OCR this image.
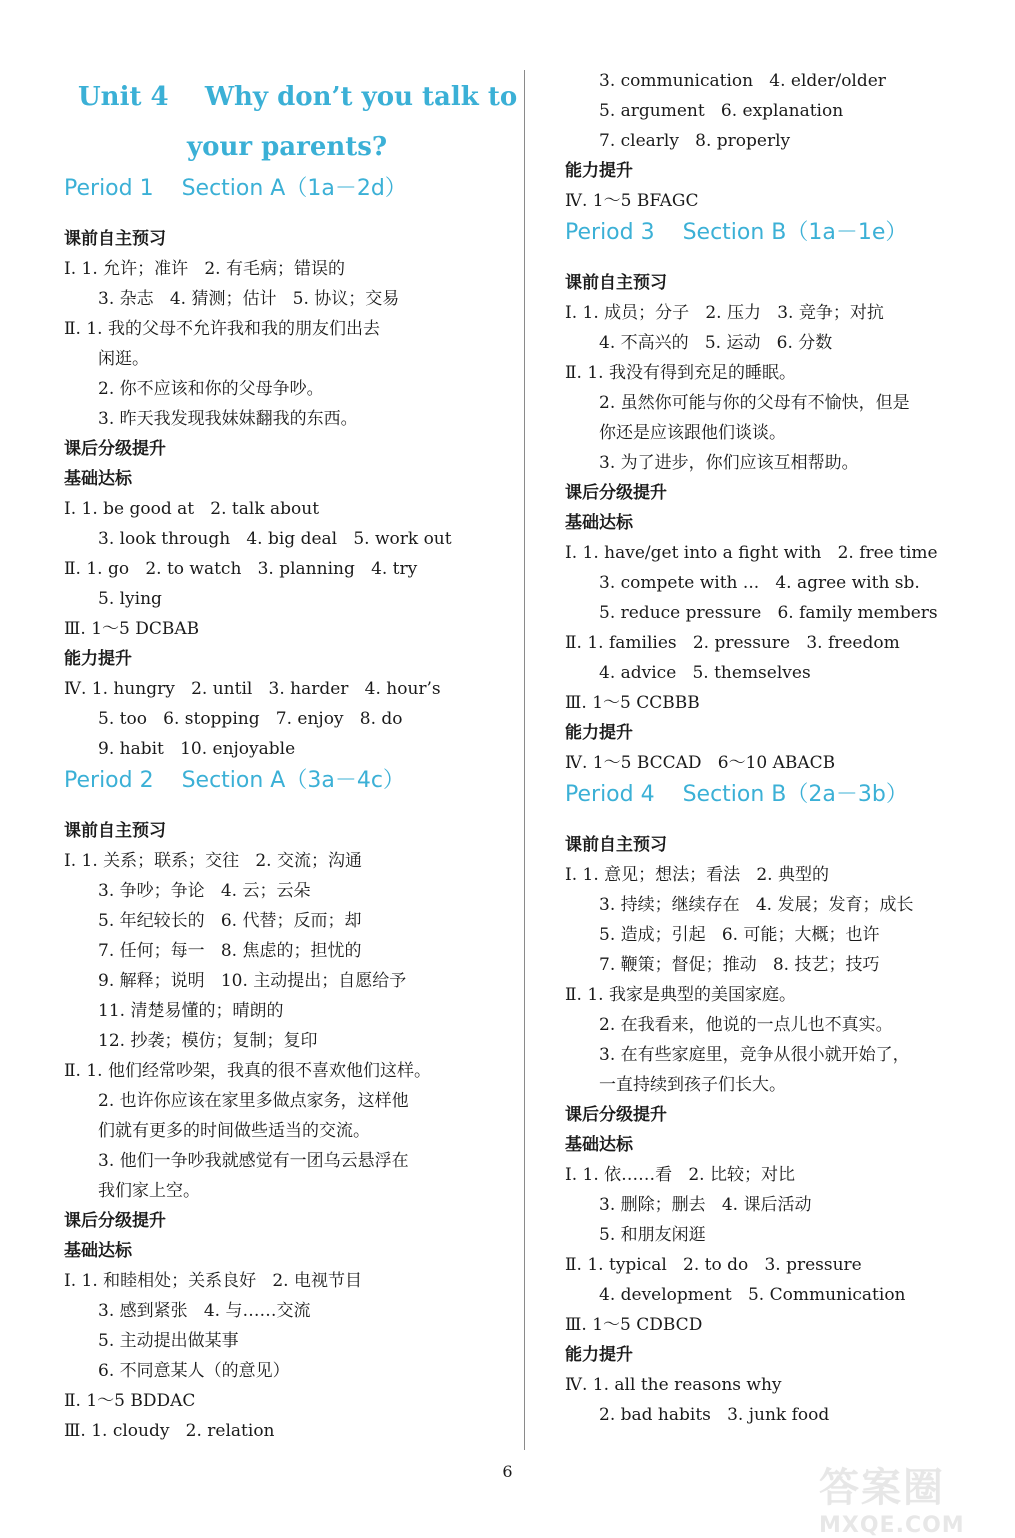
Unit 4    Why don’t you talk to
your parents?
Period 1    Section A（1a－2d）
课前自主预习
Ⅰ. 1. 允许；准许   2. 有毛病；错误的
3. 杂志   4. 猜测；估计   5. 协议；交易
Ⅱ. 1. 我的父母不允许我和我的朋友们出去
闲逛。
2. 你不应该和你的父母争吵。
3. 昨天我发现我妹妹翻我的东西。
课后分级提升
基础达标
Ⅰ. 1. be good at   2. talk about
3. look through   4. big deal   5. work out
Ⅱ. 1. go   2. to watch   3. planning   4. try
5. lying
Ⅲ. 1～5 DCBAB
能力提升
Ⅳ. 1. hungry   2. until   3. harder   4. hour’s
5. too   6. stopping   7. enjoy   8. do
9. habit   10. enjoyable
Period 2    Section A（3a－4c）
课前自主预习
Ⅰ. 1. 关系；联系；交往   2. 交流；沟通
3. 争吵；争论   4. 云；云朵
5. 年纪较长的   6. 代替；反而；却
7. 任何；每一   8. 焦虑的；担忧的
9. 解释；说明   10. 主动提出；自愿给予
11. 清楚易懂的；晴朗的
12. 抄袭；模仿；复制；复印
Ⅱ. 1. 他们经常吵架，我真的很不喜欢他们这样。
2. 也许你应该在家里多做点家务，这样他
们就有更多的时间做些适当的交流。
3. 他们一争吵我就感觉有一团乌云悬浮在
我们家上空。
课后分级提升
基础达标
Ⅰ. 1. 和睦相处；关系良好   2. 电视节目
3. 感到紧张   4. 与……交流
5. 主动提出做某事
6. 不同意某人（的意见）
Ⅱ. 1～5 BDDAC
Ⅲ. 1. cloudy   2. relation
3. communication   4. elder/older
5. argument   6. explanation
7. clearly   8. properly
能力提升
Ⅳ. 1～5 BFAGC
Period 3    Section B（1a－1e）
课前自主预习
Ⅰ. 1. 成员；分子   2. 压力   3. 竞争；对抗
4. 不高兴的   5. 运动   6. 分数
Ⅱ. 1. 我没有得到充足的睡眠。
2. 虽然你可能与你的父母有不愉快，但是
你还是应该跟他们谈谈。
3. 为了进步，你们应该互相帮助。
课后分级提升
基础达标
Ⅰ. 1. have/get into a fight with   2. free time
3. compete with ...   4. agree with sb.
5. reduce pressure   6. family members
Ⅱ. 1. families   2. pressure   3. freedom
4. advice   5. themselves
Ⅲ. 1～5 CCBBB
能力提升
Ⅳ. 1～5 BCCAD   6～10 ABACB
Period 4    Section B（2a－3b）
课前自主预习
Ⅰ. 1. 意见；想法；看法   2. 典型的
3. 持续；继续存在   4. 发展；发育；成长
5. 造成；引起   6. 可能；大概；也许
7. 鞭策；督促；推动   8. 技艺；技巧
Ⅱ. 1. 我家是典型的美国家庭。
2. 在我看来，他说的一点儿也不真实。
3. 在有些家庭里，竞争从很小就开始了，
一直持续到孩子们长大。
课后分级提升
基础达标
Ⅰ. 1. 依……看   2. 比较；对比
3. 删除；删去   4. 课后活动
5. 和朋友闲逛
Ⅱ. 1. typical   2. to do   3. pressure
4. development   5. Communication
Ⅲ. 1～5 CDBCD
能力提升
Ⅳ. 1. all the reasons why
2. bad habits   3. junk food
6	答案圈
MXQE.COM
